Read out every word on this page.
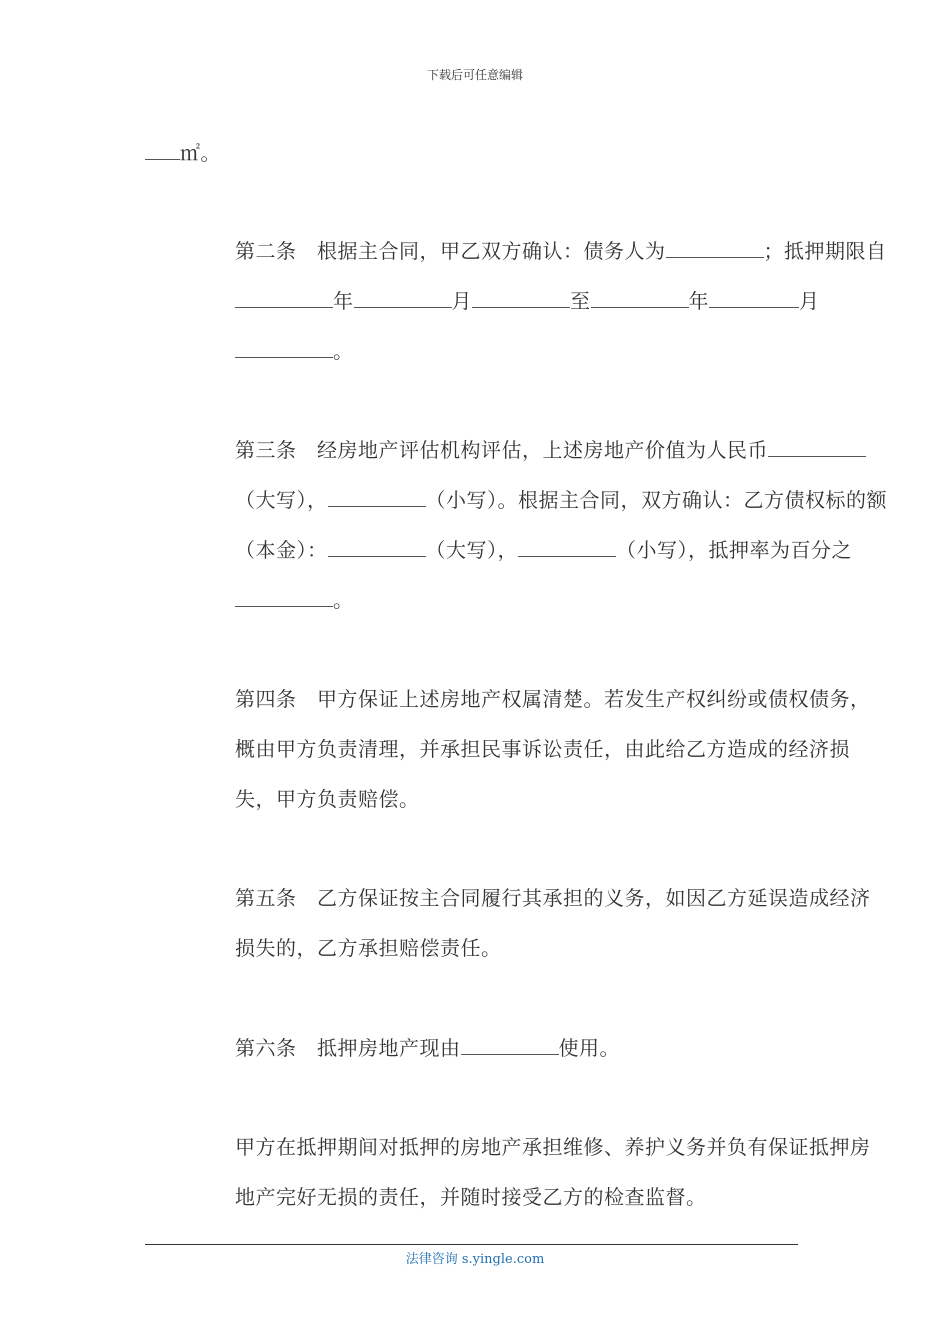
下载后可任意编辑

㎡。

第二条　根据主合同，甲乙双方确认：债务人为	；抵押期限自年	月	至	年	月。

第三条　经房地产评估机构评估，上述房地产价值为人民币（大写），	（小写）。根据主合同，双方确认：乙方债权标的额（本金）：	（大写），	（小写），抵押率为百分之。

第四条　甲方保证上述房地产权属清楚。若发生产权纠纷或债权债务，概由甲方负责清理，并承担民事诉讼责任，由此给乙方造成的经济损失，甲方负责赔偿。

第五条　乙方保证按主合同履行其承担的义务，如因乙方延误造成经济损失的，乙方承担赔偿责任。

第六条　抵押房地产现由	使用。

甲方在抵押期间对抵押的房地产承担维修、养护义务并负有保证抵押房地产完好无损的责任，并随时接受乙方的检查监督。

法律咨询 s.yingle.com
